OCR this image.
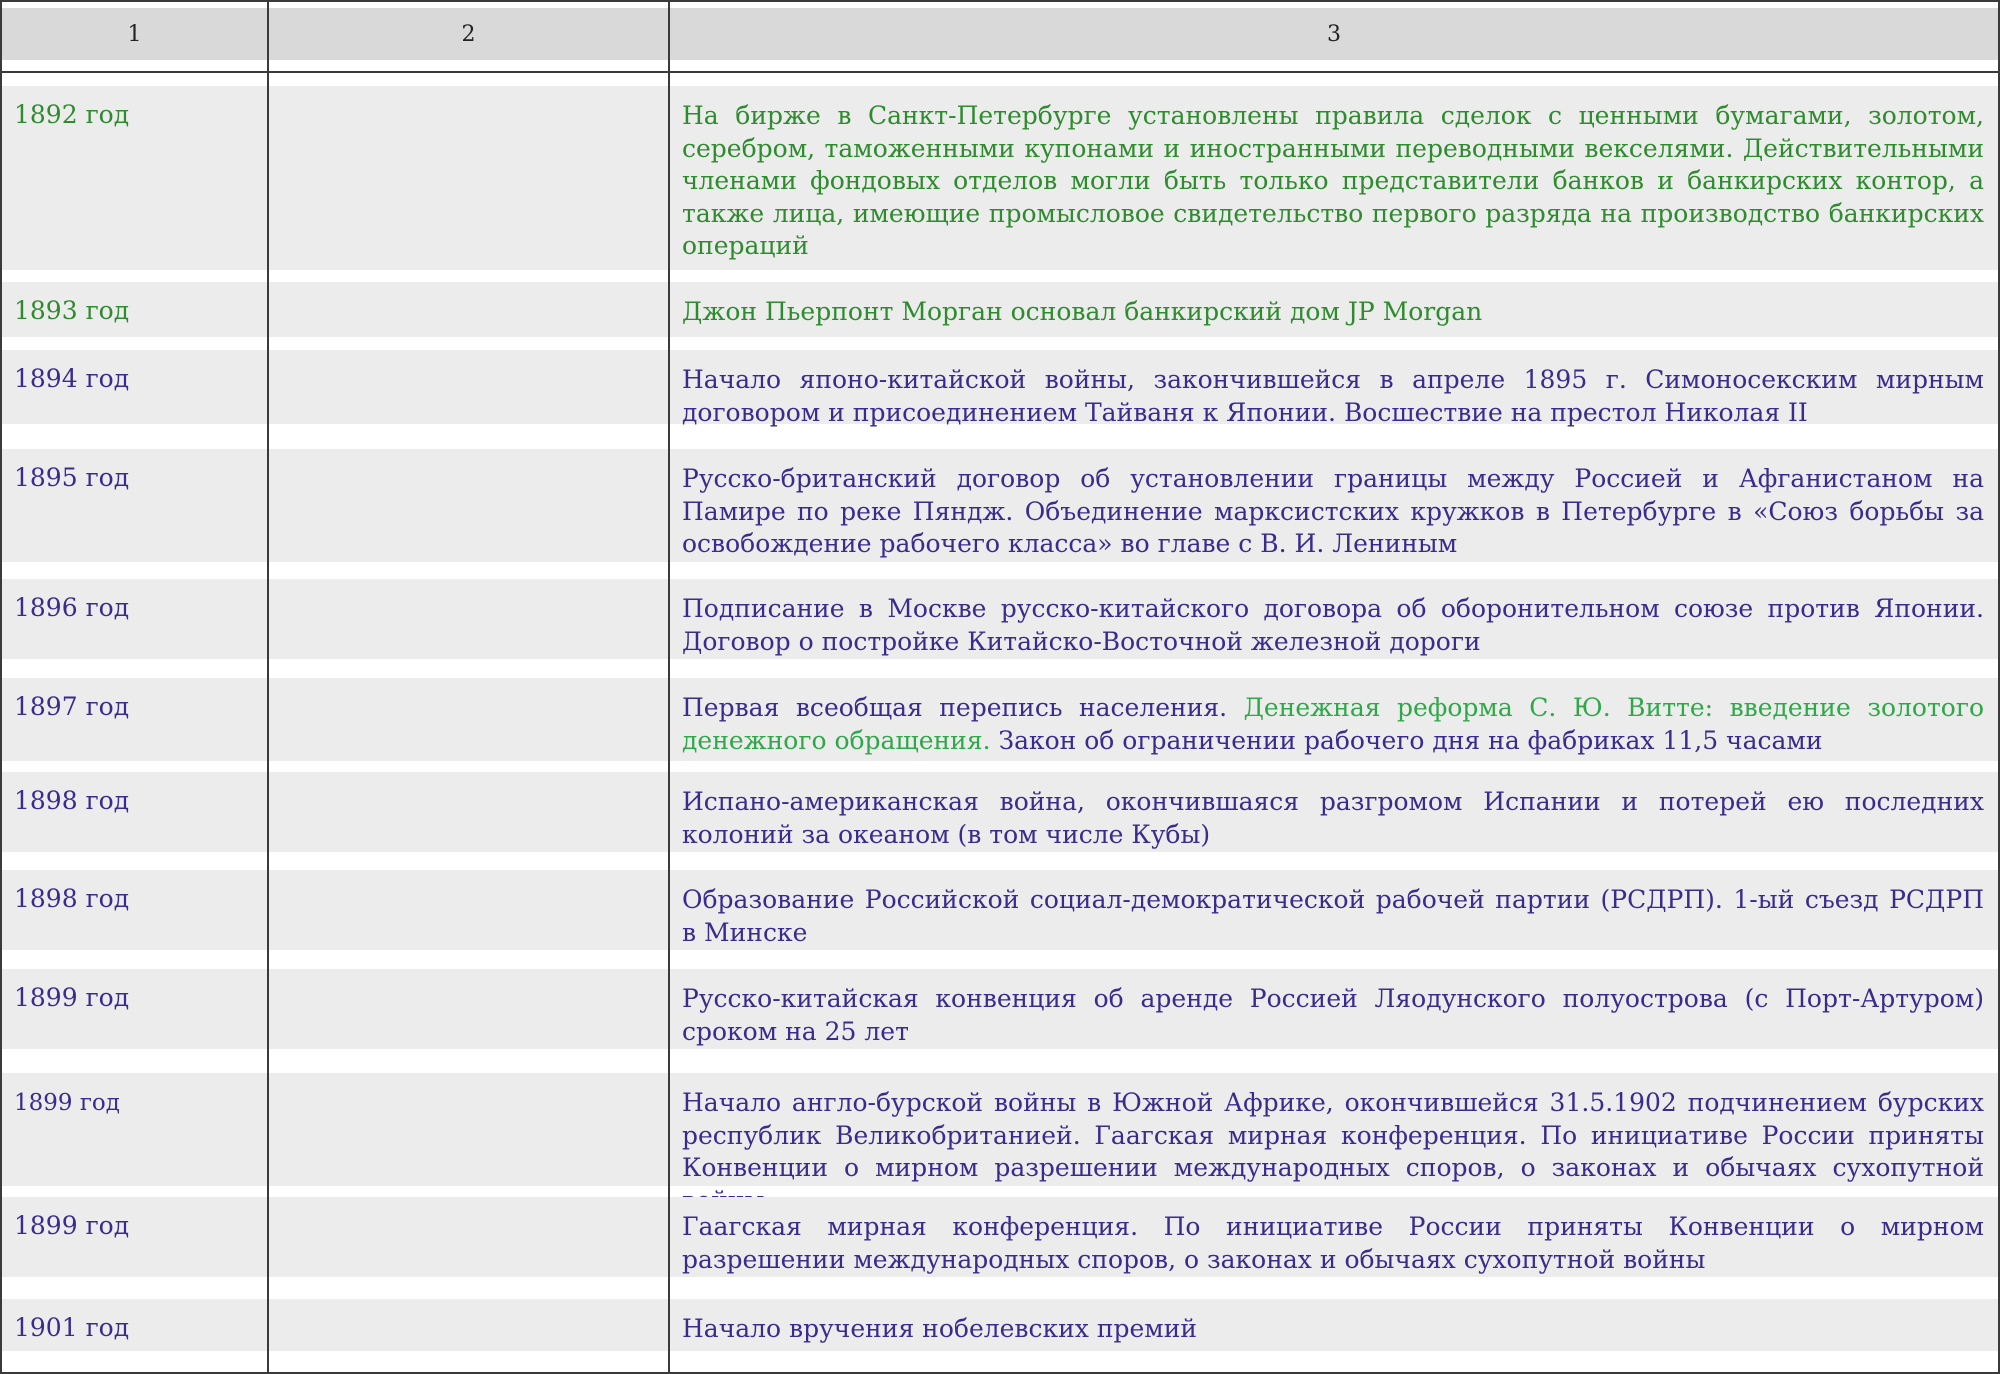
1	2	3
1892 год	На бирже в Санкт-Петербурге установлены правила сделок с ценными бумагами, золотом, серебром, таможенными купонами и иностранными переводными векселями. Действительными членами фондовых отделов могли быть только представители банков и банкирских контор, а также лица, имеющие промысловое свидетельство первого разряда на производство банкирских операций
1893 год	Джон Пьерпонт Морган основал банкирский дом JP Morgan
1894 год	Начало японо-китайской войны, закончившейся в апреле 1895 г. Симоносекским мирным договором и присоединением Тайваня к Японии. Восшествие на престол Николая II
1895 год	Русско-британский договор об установлении границы между Россией и Афганистаном на Памире по реке Пяндж. Объединение марксистских кружков в Петербурге в «Союз борьбы за освобождение рабочего класса» во главе с В. И. Лениным
1896 год	Подписание в Москве русско-китайского договора об оборонительном союзе против Японии. Договор о постройке Китайско-Восточной железной дороги
1897 год	Первая всеобщая перепись населения. Денежная реформа С. Ю. Витте: введение золотого денежного обращения. Закон об ограничении рабочего дня на фабриках 11,5 часами
1898 год	Испано-американская война, окончившаяся разгромом Испании и потерей ею последних колоний за океаном (в том числе Кубы)
1898 год	Образование Российской социал-демократической рабочей партии (РСДРП). 1-ый съезд РСДРП в Минске
1899 год	Русско-китайская конвенция об аренде Россией Ляодунского полуострова (с Порт-Артуром) сроком на 25 лет
1899 год	Начало англо-бурской войны в Южной Африке, окончившейся 31.5.1902 подчинением бурских республик Великобританией. Гаагская мирная конференция. По инициативе России приняты Конвенции о мирном разрешении международных споров, о законах и обычаях сухопутной
1899 год	Гаагская мирная конференция. По инициативе России приняты Конвенции о мирном разрешении международных споров, о законах и обычаях сухопутной войны
1901 год	Начало вручения нобелевских премий
